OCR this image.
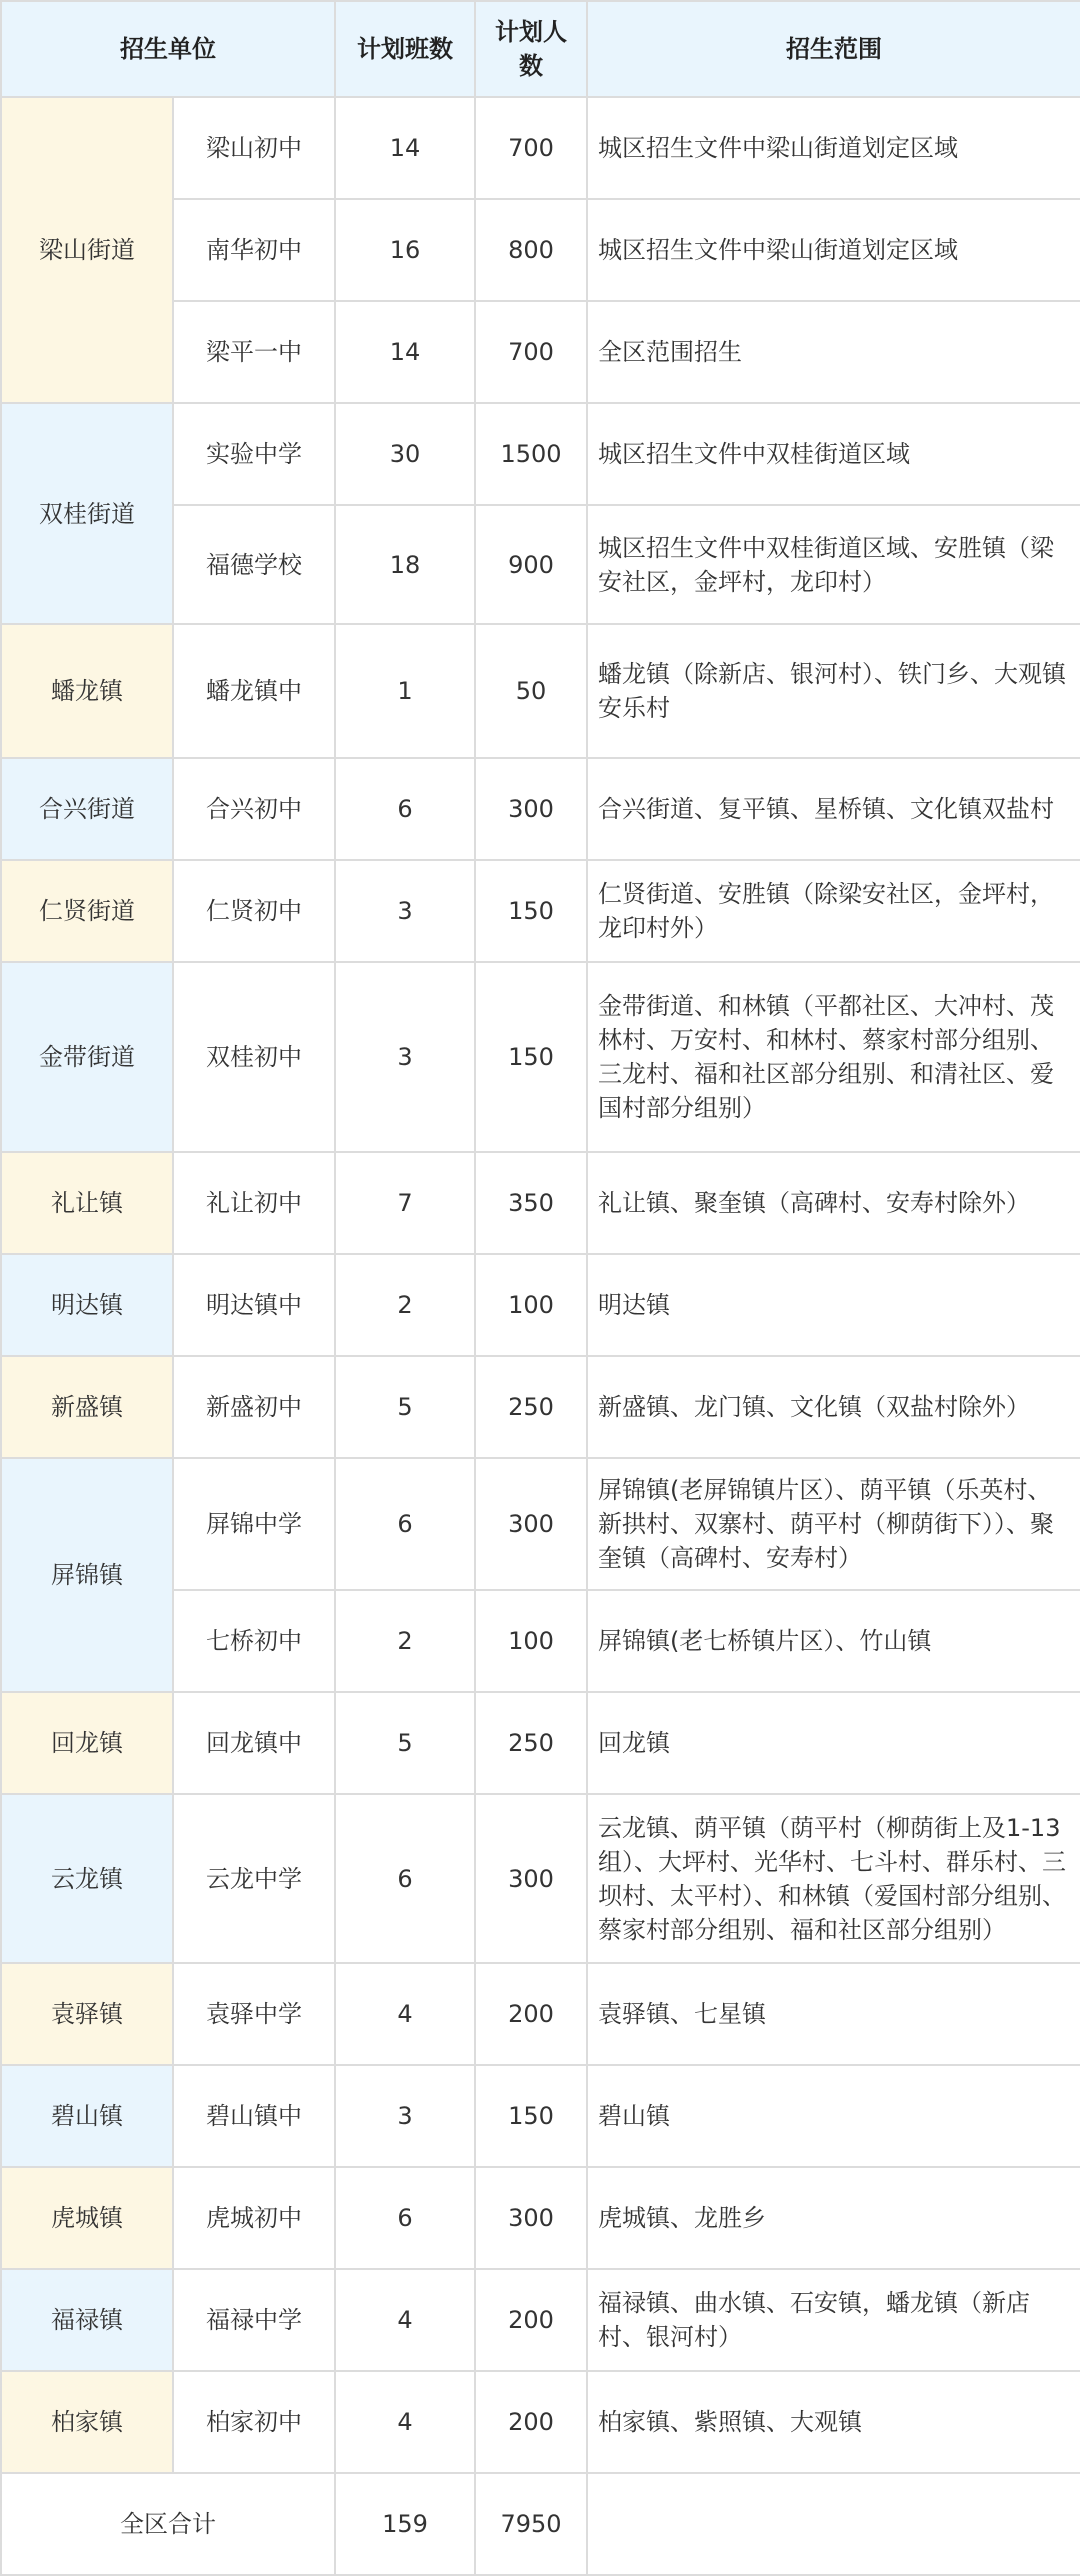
招生单位		计划班数	计划人数	招生范围
梁山街道	梁山初中	14	700	城区招生文件中梁山街道划定区域
	南华初中	16	800	城区招生文件中梁山街道划定区域
	梁平一中	14	700	全区范围招生
双桂街道	实验中学	30	1500	城区招生文件中双桂街道区域
	福德学校	18	900	城区招生文件中双桂街道区域、安胜镇（梁安社区，金坪村，龙印村）
蟠龙镇	蟠龙镇中	1	50	蟠龙镇（除新店、银河村）、铁门乡、大观镇安乐村
合兴街道	合兴初中	6	300	合兴街道、复平镇、星桥镇、文化镇双盐村
仁贤街道	仁贤初中	3	150	仁贤街道、安胜镇（除梁安社区，金坪村，龙印村外）
金带街道	双桂初中	3	150	金带街道、和林镇（平都社区、大冲村、茂林村、万安村、和林村、蔡家村部分组别、三龙村、福和社区部分组别、和清社区、爱国村部分组别）
礼让镇	礼让初中	7	350	礼让镇、聚奎镇（高碑村、安寿村除外）
明达镇	明达镇中	2	100	明达镇
新盛镇	新盛初中	5	250	新盛镇、龙门镇、文化镇（双盐村除外）
屏锦镇	屏锦中学	6	300	屏锦镇(老屏锦镇片区）、荫平镇（乐英村、新拱村、双寨村、荫平村（柳荫街下））、聚奎镇（高碑村、安寿村）
	七桥初中	2	100	屏锦镇(老七桥镇片区）、竹山镇
回龙镇	回龙镇中	5	250	回龙镇
云龙镇	云龙中学	6	300	云龙镇、荫平镇（荫平村（柳荫街上及1-13组）、大坪村、光华村、七斗村、群乐村、三坝村、太平村）、和林镇（爱国村部分组别、蔡家村部分组别、福和社区部分组别）
袁驿镇	袁驿中学	4	200	袁驿镇、七星镇
碧山镇	碧山镇中	3	150	碧山镇
虎城镇	虎城初中	6	300	虎城镇、龙胜乡
福禄镇	福禄中学	4	200	福禄镇、曲水镇、石安镇，蟠龙镇（新店村、银河村）
柏家镇	柏家初中	4	200	柏家镇、紫照镇、大观镇
全区合计		159	7950	
